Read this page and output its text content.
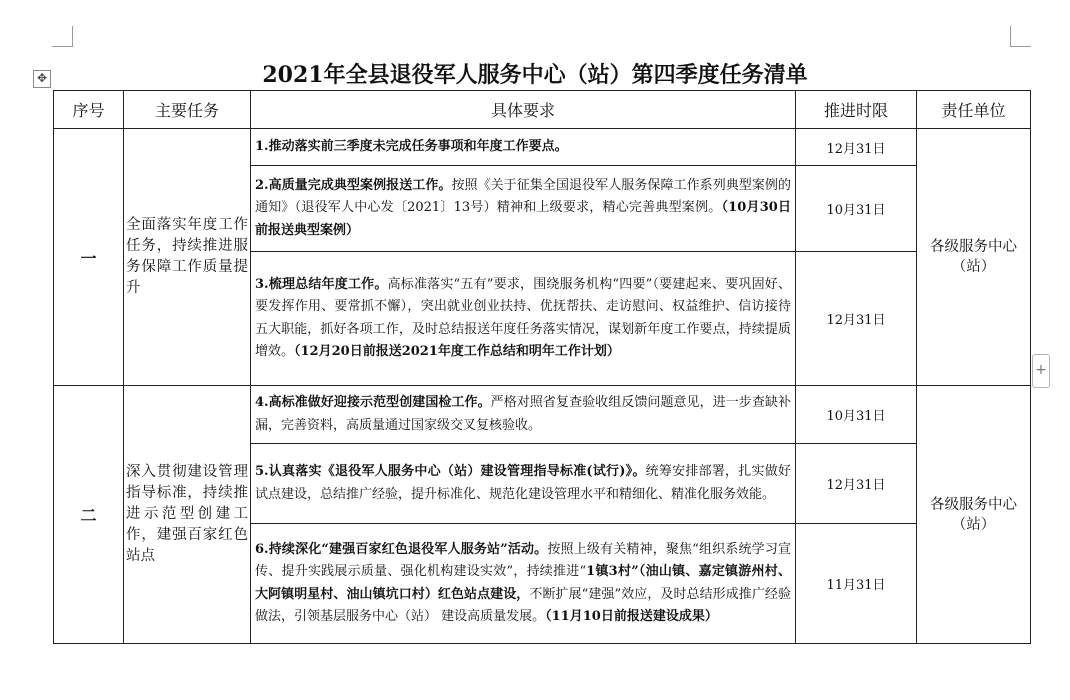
✥
+
2021年全县退役军人服务中心（站）第四季度任务清单
序号	主要任务	具体要求	推进时限	责任单位
一	全面落实年度工作任务，持续推进服务保障工作质量提升	1.推动落实前三季度未完成任务事项和年度工作要点。	12月31日	各级服务中心（站）
		2.高质量完成典型案例报送工作。按照《关于征集全国退役军人服务保障工作系列典型案例的通知》（退役军人中心发〔2021〕13号）精神和上级要求，精心完善典型案例。（10月30日前报送典型案例）	10月31日	
		3.梳理总结年度工作。高标准落实“五有”要求，围绕服务机构“四要”（要建起来、要巩固好、要发挥作用、要常抓不懈），突出就业创业扶持、优抚帮扶、走访慰问、权益维护、信访接待五大职能，抓好各项工作，及时总结报送年度任务落实情况，谋划新年度工作要点，持续提质增效。（12月20日前报送2021年度工作总结和明年工作计划）	12月31日	
二	深入贯彻建设管理指导标准，持续推进示范型创建工作，建强百家红色站点	4.高标准做好迎接示范型创建国检工作。严格对照省复查验收组反馈问题意见，进一步查缺补漏，完善资料，高质量通过国家级交叉复核验收。	10月31日	各级服务中心（站）
		5.认真落实《退役军人服务中心（站）建设管理指导标准(试行)》。统筹安排部署，扎实做好试点建设，总结推广经验，提升标准化、规范化建设管理水平和精细化、精准化服务效能。	12月31日	
		6.持续深化“建强百家红色退役军人服务站”活动。按照上级有关精神，聚焦“组织系统学习宣传、提升实践展示质量、强化机构建设实效”，持续推进“1镇3村”（油山镇、嘉定镇游州村、大阿镇明星村、油山镇坑口村）红色站点建设，不断扩展“建强”效应，及时总结形成推广经验做法，引领基层服务中心（站） 建设高质量发展。（11月10日前报送建设成果）	11月31日	
